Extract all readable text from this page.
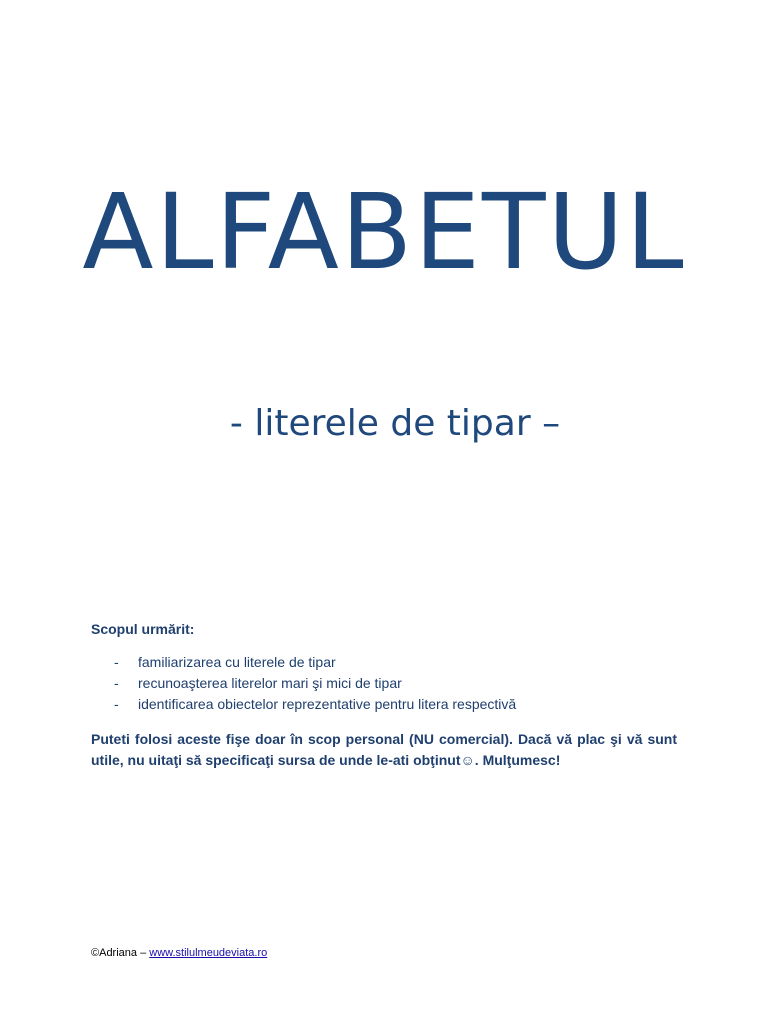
ALFABETUL
- literele de tipar –

Scopul urmărit:

- familiarizarea cu literele de tipar
- recunoaşterea literelor mari şi mici de tipar
- identificarea obiectelor reprezentative pentru litera respectivă

Puteti folosi aceste fişe doar în scop personal (NU comercial). Dacă vă plac şi vă sunt utile, nu uitaţi să specificaţi sursa de unde le-ati obţinut☺. Mulţumesc!

©Adriana – www.stilulmeudeviata.ro
